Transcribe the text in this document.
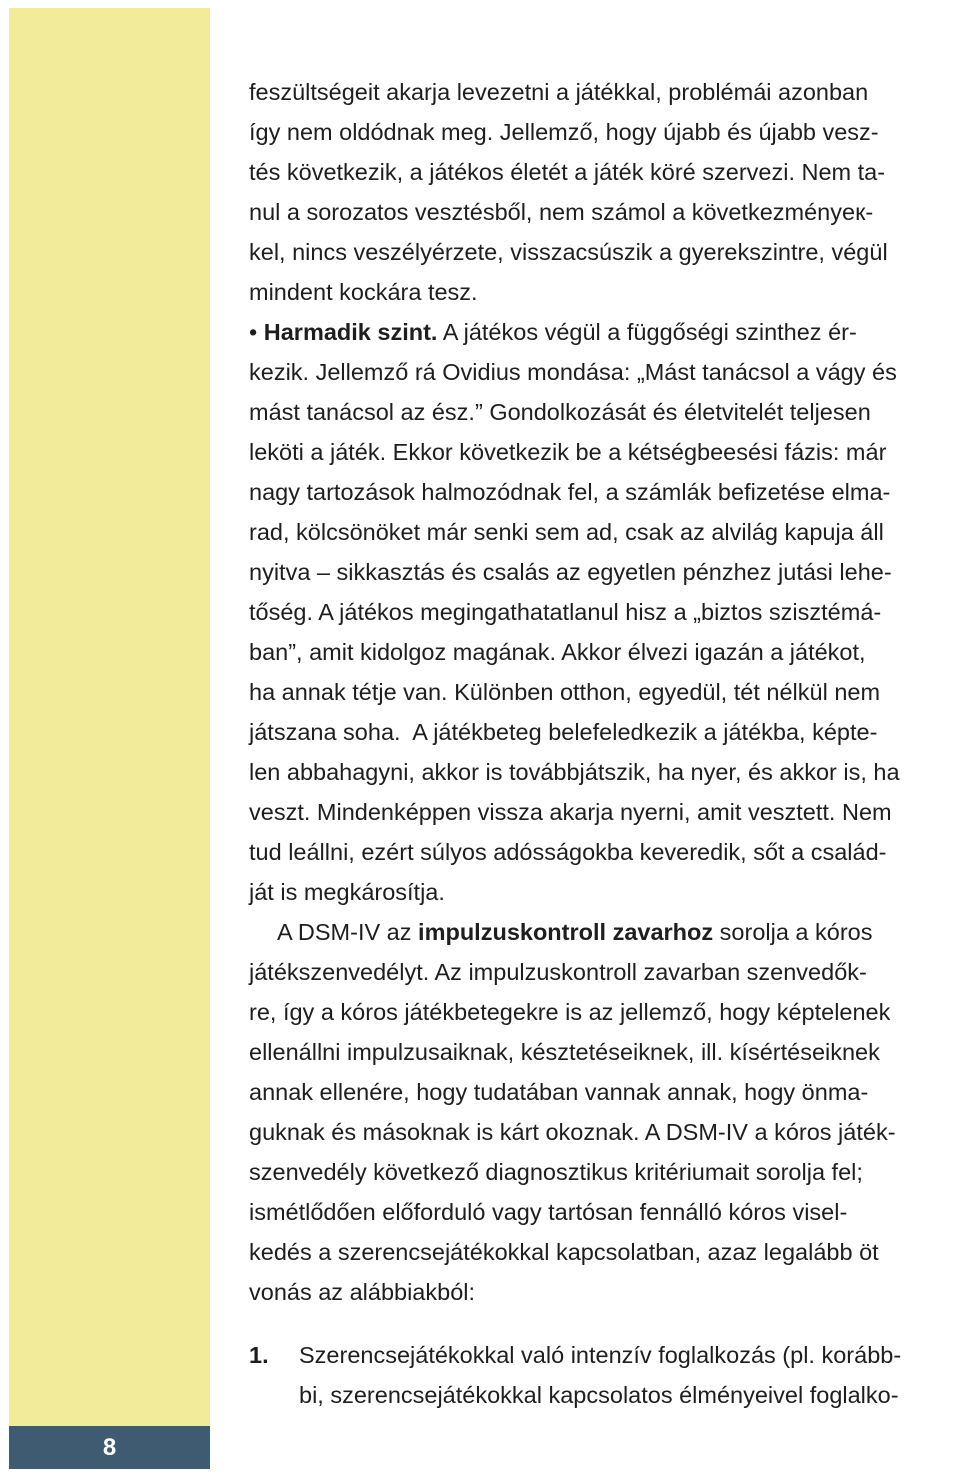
8
feszültségeit akarja levezetni a játékkal, problémái azonban
így nem oldódnak meg. Jellemző, hogy újabb és újabb vesz-
tés következik, a játékos életét a játék köré szervezi. Nem ta-
nul a sorozatos vesztésből, nem számol a következményeк-
kel, nincs veszélyérzete, visszacsúszik a gyerekszintre, végül
mindent kockára tesz.
• Harmadik szint. A játékos végül a függőségi szinthez ér-
kezik. Jellemző rá Ovidius mondása: „Mást tanácsol a vágy és
mást tanácsol az ész.” Gondolkozását és életvitelét teljesen
leköti a játék. Ekkor következik be a kétségbeesési fázis: már
nagy tartozások halmozódnak fel, a számlák befizetése elma-
rad, kölcsönöket már senki sem ad, csak az alvilág kapuja áll
nyitva – sikkasztás és csalás az egyetlen pénzhez jutási lehe-
tőség. A játékos megingathatatlanul hisz a „biztos szisztémá-
ban”, amit kidolgoz magának. Akkor élvezi igazán a játékot,
ha annak tétje van. Különben otthon, egyedül, tét nélkül nem
játszana soha.  A játékbeteg belefeledkezik a játékba, képte-
len abbahagyni, akkor is továbbjátszik, ha nyer, és akkor is, ha
veszt. Mindenképpen vissza akarja nyerni, amit vesztett. Nem
tud leállni, ezért súlyos adósságokba keveredik, sőt a család-
ját is megkárosítja.
A DSM-IV az impulzuskontroll zavarhoz sorolja a kóros
játékszenvedélyt. Az impulzuskontroll zavarban szenvedők-
re, így a kóros játékbetegekre is az jellemző, hogy képtelenek
ellenállni impulzusaiknak, késztetéseiknek, ill. kísértéseiknek
annak ellenére, hogy tudatában vannak annak, hogy önma-
guknak és másoknak is kárt okoznak. A DSM-IV a kóros játék-
szenvedély következő diagnosztikus kritériumait sorolja fel;
ismétlődően előforduló vagy tartósan fennálló kóros visel-
kedés a szerencsejátékokkal kapcsolatban, azaz legalább öt
vonás az alábbiakból:
1. Szerencsejátékokkal való intenzív foglalkozás (pl. korább-
bi, szerencsejátékokkal kapcsolatos élményeivel foglalko-
